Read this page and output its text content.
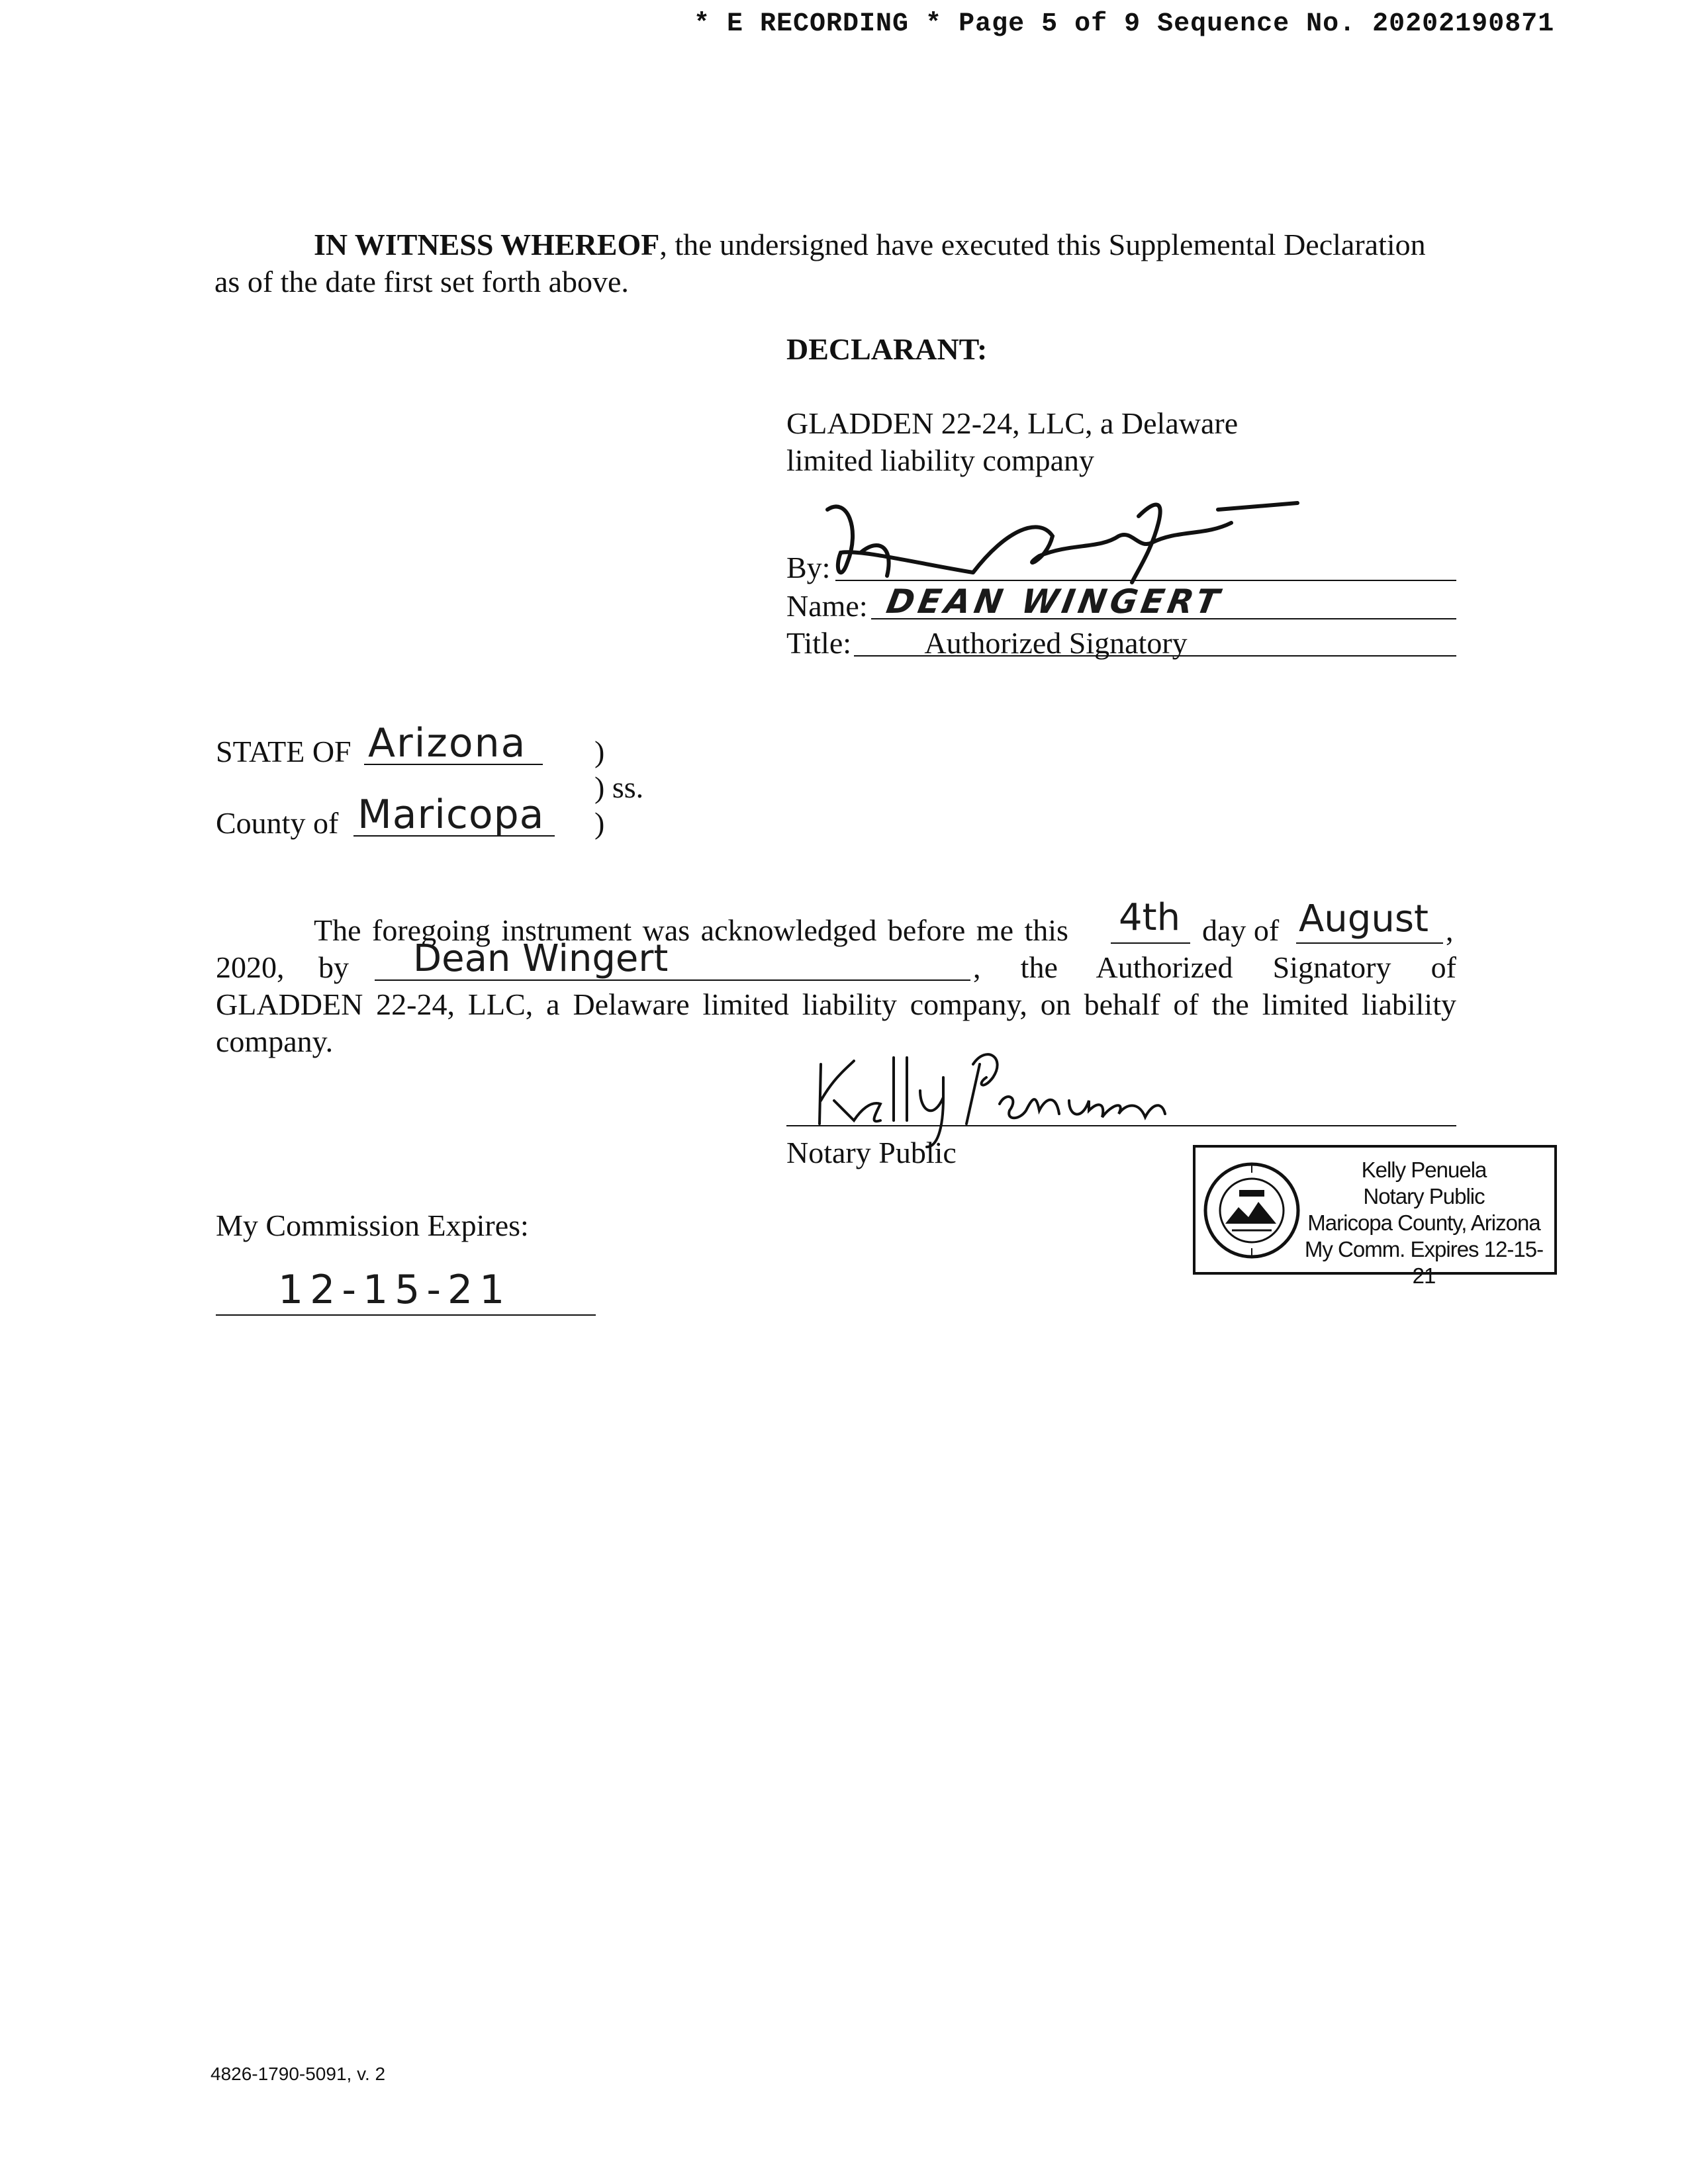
* E RECORDING * Page 5 of 9 Sequence No. 20202190871
IN WITNESS WHEREOF, the undersigned have executed this Supplemental Declaration as of the date first set forth above.
DECLARANT:
GLADDEN 22-24, LLC, a Delaware
limited liability company
By:
Name: DEAN WINGERT
Title:	Authorized Signatory
STATE OF Arizona )
) ss.
County of Maricopa )
The foregoing instrument was acknowledged before me this 4th day of August ,
2020, by Dean Wingert	, the Authorized Signatory of
GLADDEN 22-24, LLC, a Delaware limited liability company, on behalf of the limited liability
company.
Notary Public
My Commission Expires:
12-15-21
Kelly Penuela
Notary Public
Maricopa County, Arizona
My Comm. Expires 12-15-21
4826-1790-5091, v. 2
